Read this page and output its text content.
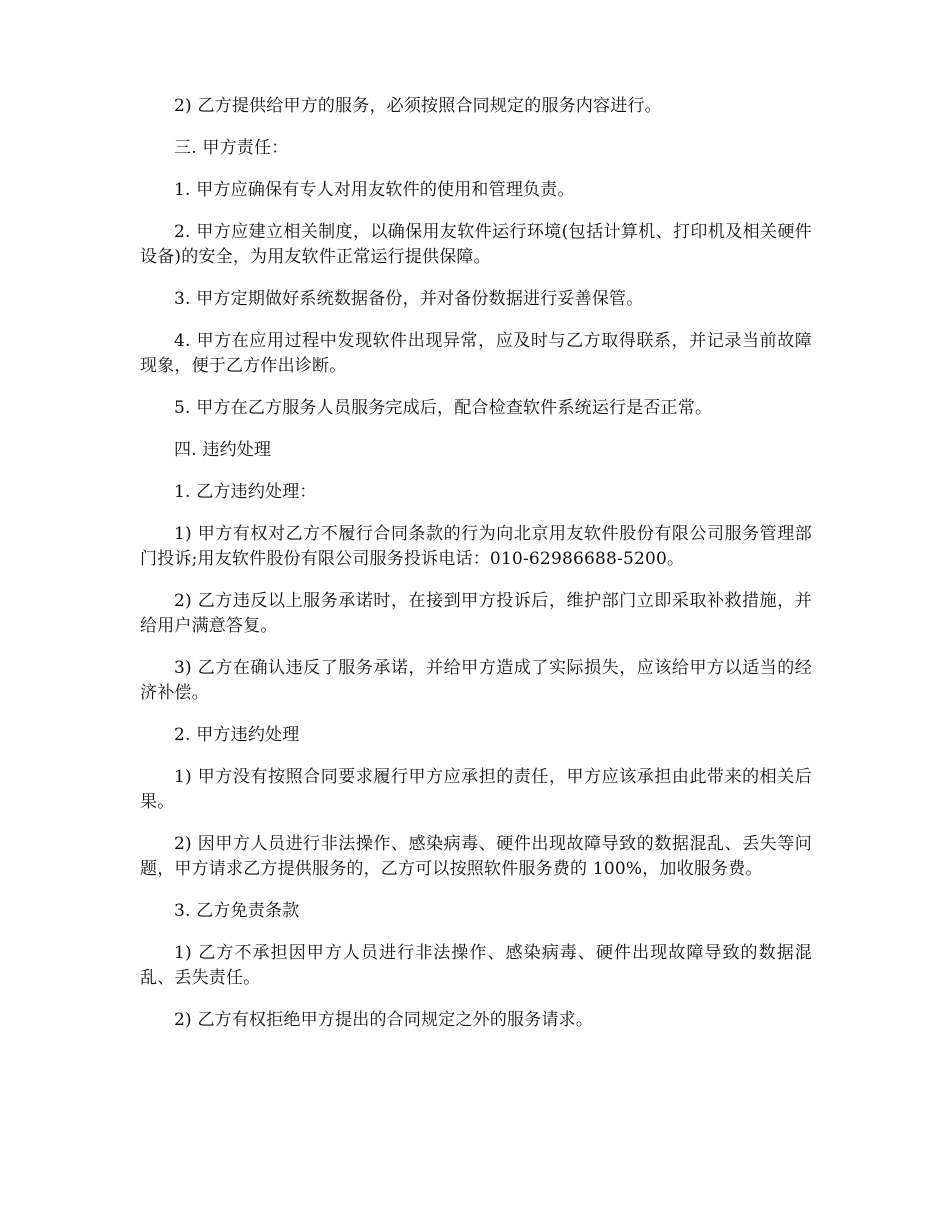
2) 乙方提供给甲方的服务，必须按照合同规定的服务内容进行。

三. 甲方责任：

1. 甲方应确保有专人对用友软件的使用和管理负责。

2. 甲方应建立相关制度，以确保用友软件运行环境(包括计算机、打印机及相关硬件设备)的安全，为用友软件正常运行提供保障。

3. 甲方定期做好系统数据备份，并对备份数据进行妥善保管。

4. 甲方在应用过程中发现软件出现异常，应及时与乙方取得联系，并记录当前故障现象，便于乙方作出诊断。

5. 甲方在乙方服务人员服务完成后，配合检查软件系统运行是否正常。

四. 违约处理

1. 乙方违约处理：

1) 甲方有权对乙方不履行合同条款的行为向北京用友软件股份有限公司服务管理部门投诉;用友软件股份有限公司服务投诉电话：010-62986688-5200。

2) 乙方违反以上服务承诺时，在接到甲方投诉后，维护部门立即采取补救措施，并给用户满意答复。

3) 乙方在确认违反了服务承诺，并给甲方造成了实际损失，应该给甲方以适当的经济补偿。

2. 甲方违约处理

1) 甲方没有按照合同要求履行甲方应承担的责任，甲方应该承担由此带来的相关后果。

2) 因甲方人员进行非法操作、感染病毒、硬件出现故障导致的数据混乱、丢失等问题，甲方请求乙方提供服务的，乙方可以按照软件服务费的 100%，加收服务费。

3. 乙方免责条款

1) 乙方不承担因甲方人员进行非法操作、感染病毒、硬件出现故障导致的数据混乱、丢失责任。

2) 乙方有权拒绝甲方提出的合同规定之外的服务请求。
